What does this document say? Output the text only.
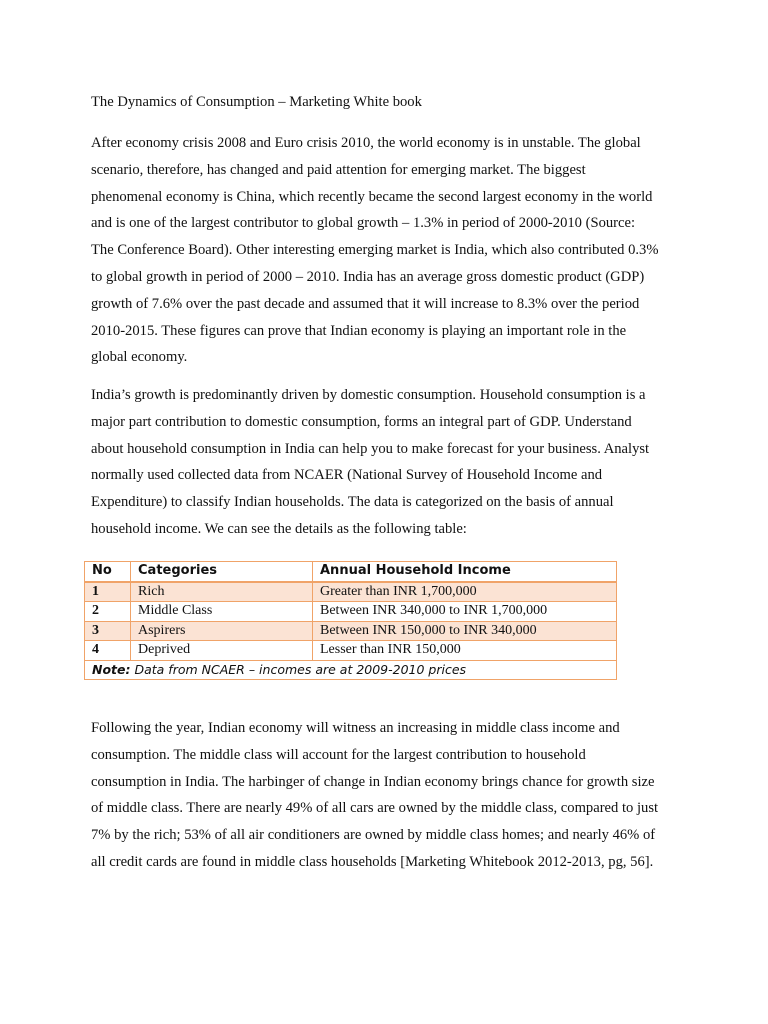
The Dynamics of Consumption – Marketing White book
After economy crisis 2008 and Euro crisis 2010, the world economy is in unstable. The global
scenario, therefore, has changed and paid attention for emerging market. The biggest
phenomenal economy is China, which recently became the second largest economy in the world
and is one of the largest contributor to global growth – 1.3% in period of 2000-2010 (Source:
The Conference Board). Other interesting emerging market is India, which also contributed 0.3%
to global growth in period of 2000 – 2010. India has an average gross domestic product (GDP)
growth of 7.6% over the past decade and assumed that it will increase to 8.3% over the period
2010-2015. These figures can prove that Indian economy is playing an important role in the
global economy.
India’s growth is predominantly driven by domestic consumption. Household consumption is a
major part contribution to domestic consumption, forms an integral part of GDP. Understand
about household consumption in India can help you to make forecast for your business. Analyst
normally used collected data from NCAER (National Survey of Household Income and
Expenditure) to classify Indian households. The data is categorized on the basis of annual
household income. We can see the details as the following table:
No	Categories	Annual Household Income
1	Rich	Greater than INR 1,700,000
2	Middle Class	Between INR 340,000 to INR 1,700,000
3	Aspirers	Between INR 150,000 to INR 340,000
4	Deprived	Lesser than INR 150,000
Note: Data from NCAER – incomes are at 2009-2010 prices		
Following the year, Indian economy will witness an increasing in middle class income and
consumption. The middle class will account for the largest contribution to household
consumption in India. The harbinger of change in Indian economy brings chance for growth size
of middle class. There are nearly 49% of all cars are owned by the middle class, compared to just
7% by the rich; 53% of all air conditioners are owned by middle class homes; and nearly 46% of
all credit cards are found in middle class households [Marketing Whitebook 2012-2013, pg, 56].
